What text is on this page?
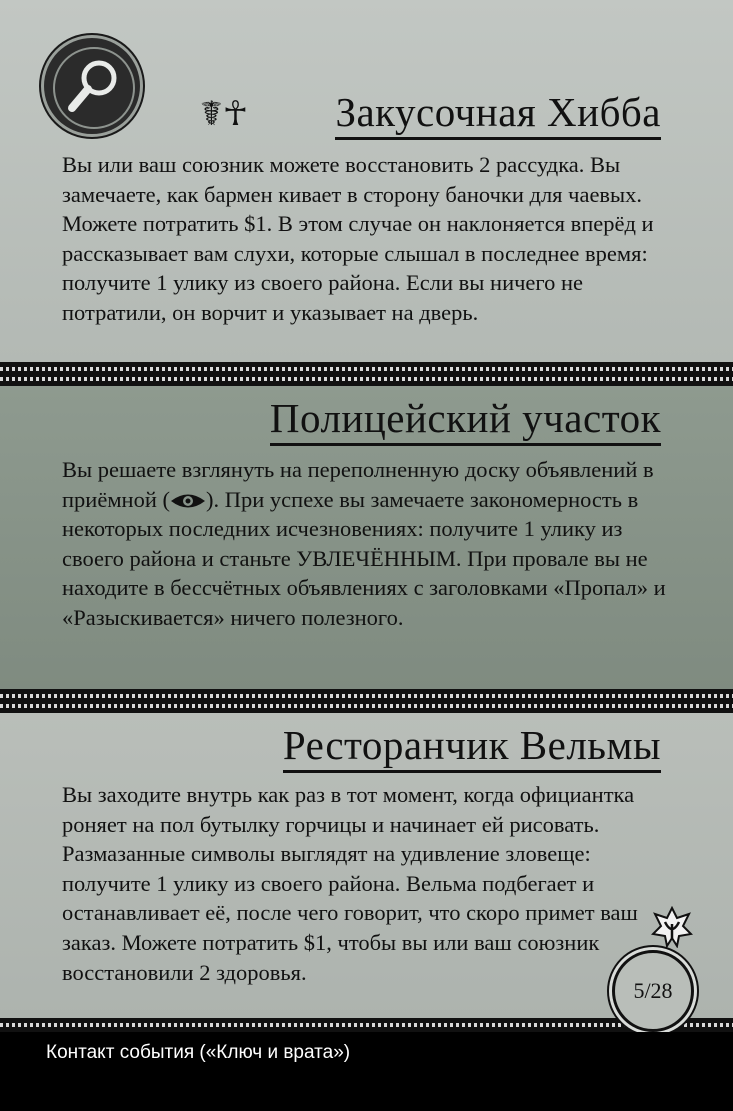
☤☥ Закусочная Хибба

Вы или ваш союзник можете восстановить 2 рассудка. Вы замечаете, как бармен кивает в сторону баночки для чаевых. Можете потратить $1. В этом случае он наклоняется вперёд и рассказывает вам слухи, которые слышал в последнее время: получите 1 улику из своего района. Если вы ничего не потратили, он ворчит и указывает на дверь.

Полицейский участок

Вы решаете взглянуть на переполненную доску объявлений в приёмной ( ). При успехе вы замечаете закономерность в некоторых последних исчезновениях: получите 1 улику из своего района и станьте УВЛЕЧЁННЫМ. При провале вы не находите в бессчётных объявлениях с заголовками «Пропал» и «Разыскивается» ничего полезного.

Ресторанчик Вельмы

Вы заходите внутрь как раз в тот момент, когда официантка роняет на пол бутылку горчицы и начинает ей рисовать. Размазанные символы выглядят на удивление зловеще: получите 1 улику из своего района. Вельма подбегает и останавливает её, после чего говорит, что скоро примет ваш заказ. Можете потратить $1, чтобы вы или ваш союзник восстановили 2 здоровья.

5/28
Контакт события («Ключ и врата»)
